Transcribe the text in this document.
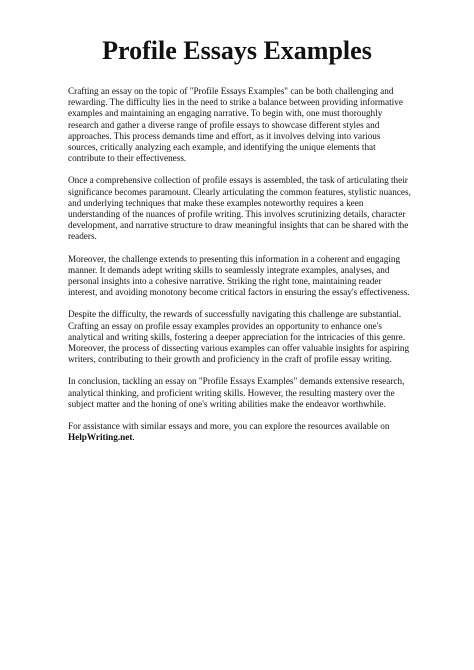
Profile Essays Examples

Crafting an essay on the topic of "Profile Essays Examples" can be both challenging and rewarding. The difficulty lies in the need to strike a balance between providing informative examples and maintaining an engaging narrative. To begin with, one must thoroughly research and gather a diverse range of profile essays to showcase different styles and approaches. This process demands time and effort, as it involves delving into various sources, critically analyzing each example, and identifying the unique elements that contribute to their effectiveness.

Once a comprehensive collection of profile essays is assembled, the task of articulating their significance becomes paramount. Clearly articulating the common features, stylistic nuances, and underlying techniques that make these examples noteworthy requires a keen understanding of the nuances of profile writing. This involves scrutinizing details, character development, and narrative structure to draw meaningful insights that can be shared with the readers.

Moreover, the challenge extends to presenting this information in a coherent and engaging manner. It demands adept writing skills to seamlessly integrate examples, analyses, and personal insights into a cohesive narrative. Striking the right tone, maintaining reader interest, and avoiding monotony become critical factors in ensuring the essay's effectiveness.

Despite the difficulty, the rewards of successfully navigating this challenge are substantial. Crafting an essay on profile essay examples provides an opportunity to enhance one's analytical and writing skills, fostering a deeper appreciation for the intricacies of this genre. Moreover, the process of dissecting various examples can offer valuable insights for aspiring writers, contributing to their growth and proficiency in the craft of profile essay writing.

In conclusion, tackling an essay on "Profile Essays Examples" demands extensive research, analytical thinking, and proficient writing skills. However, the resulting mastery over the subject matter and the honing of one's writing abilities make the endeavor worthwhile.

For assistance with similar essays and more, you can explore the resources available on
HelpWriting.net.
